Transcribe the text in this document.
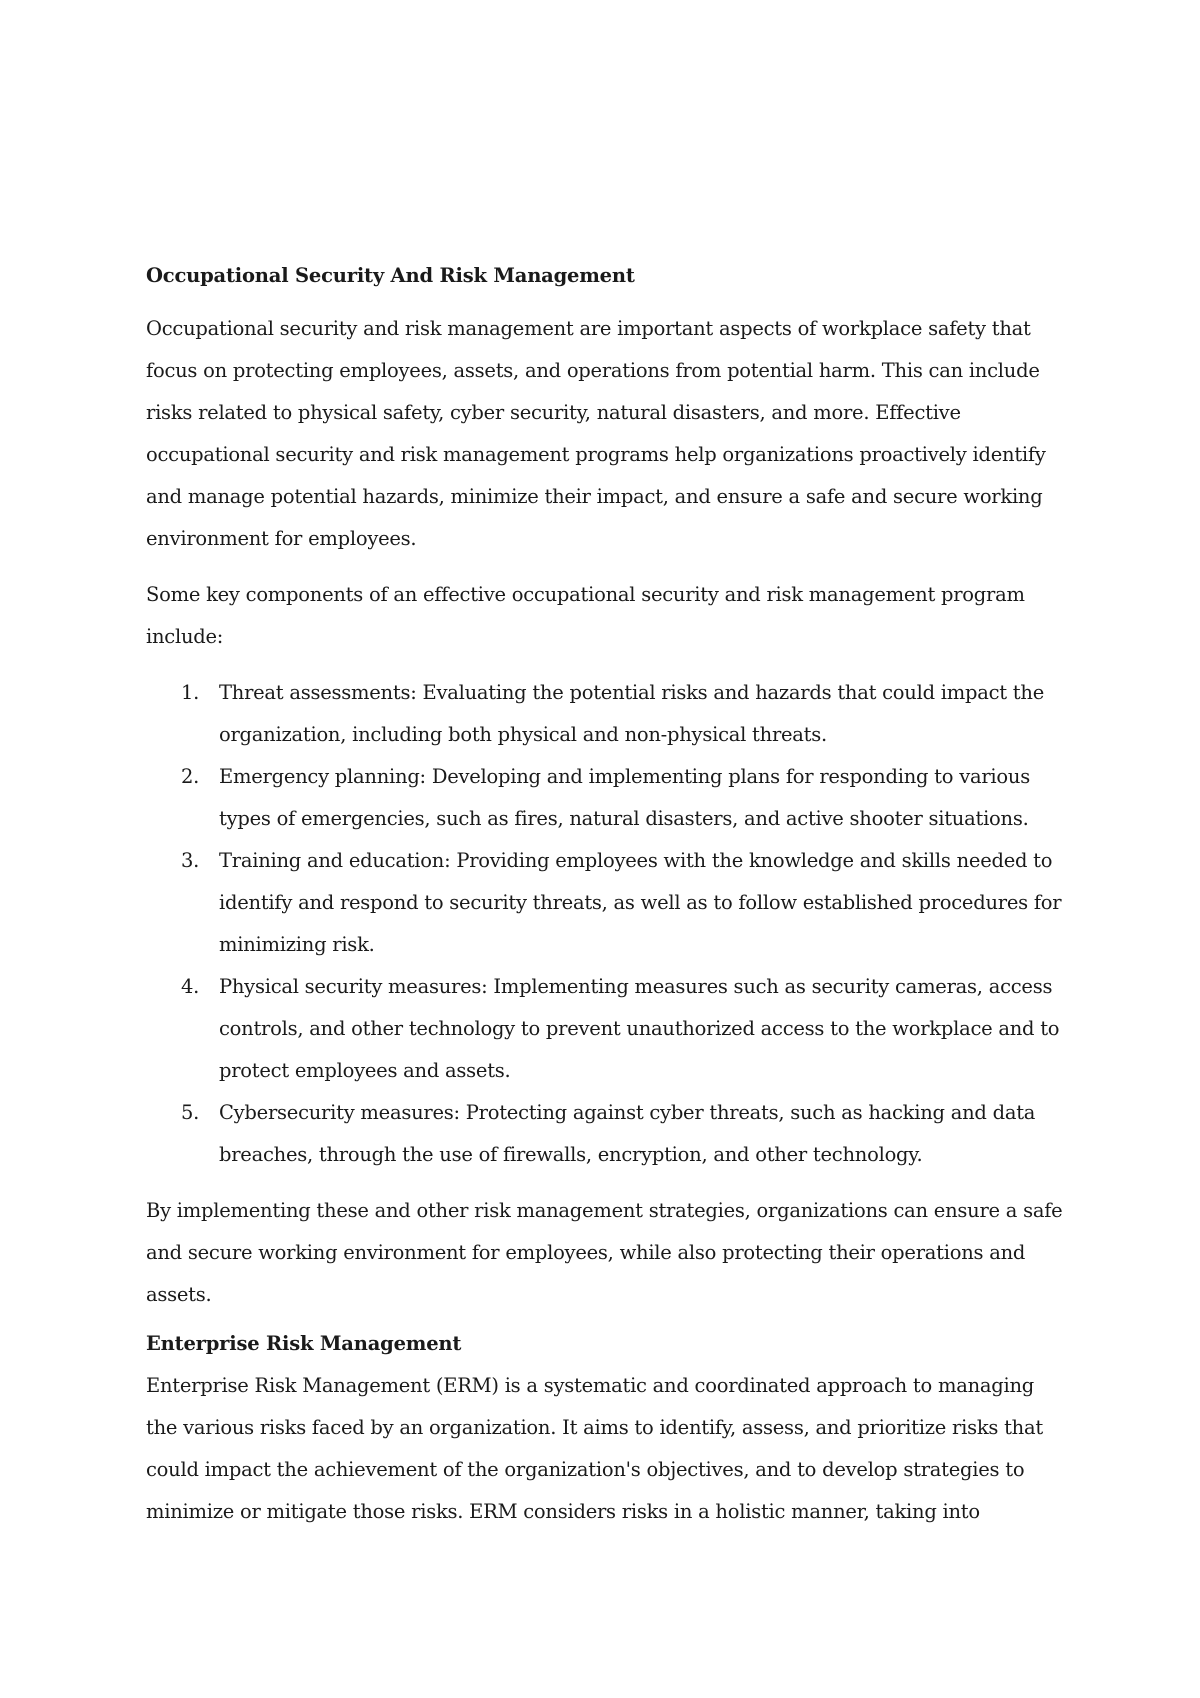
Occupational Security And Risk Management

Occupational security and risk management are important aspects of workplace safety that focus on protecting employees, assets, and operations from potential harm. This can include risks related to physical safety, cyber security, natural disasters, and more. Effective occupational security and risk management programs help organizations proactively identify and manage potential hazards, minimize their impact, and ensure a safe and secure working environment for employees.

Some key components of an effective occupational security and risk management program include:

1. Threat assessments: Evaluating the potential risks and hazards that could impact the organization, including both physical and non-physical threats.
2. Emergency planning: Developing and implementing plans for responding to various types of emergencies, such as fires, natural disasters, and active shooter situations.
3. Training and education: Providing employees with the knowledge and skills needed to identify and respond to security threats, as well as to follow established procedures for minimizing risk.
4. Physical security measures: Implementing measures such as security cameras, access controls, and other technology to prevent unauthorized access to the workplace and to protect employees and assets.
5. Cybersecurity measures: Protecting against cyber threats, such as hacking and data breaches, through the use of firewalls, encryption, and other technology.

By implementing these and other risk management strategies, organizations can ensure a safe and secure working environment for employees, while also protecting their operations and assets.

Enterprise Risk Management

Enterprise Risk Management (ERM) is a systematic and coordinated approach to managing the various risks faced by an organization. It aims to identify, assess, and prioritize risks that could impact the achievement of the organization's objectives, and to develop strategies to minimize or mitigate those risks. ERM considers risks in a holistic manner, taking into
